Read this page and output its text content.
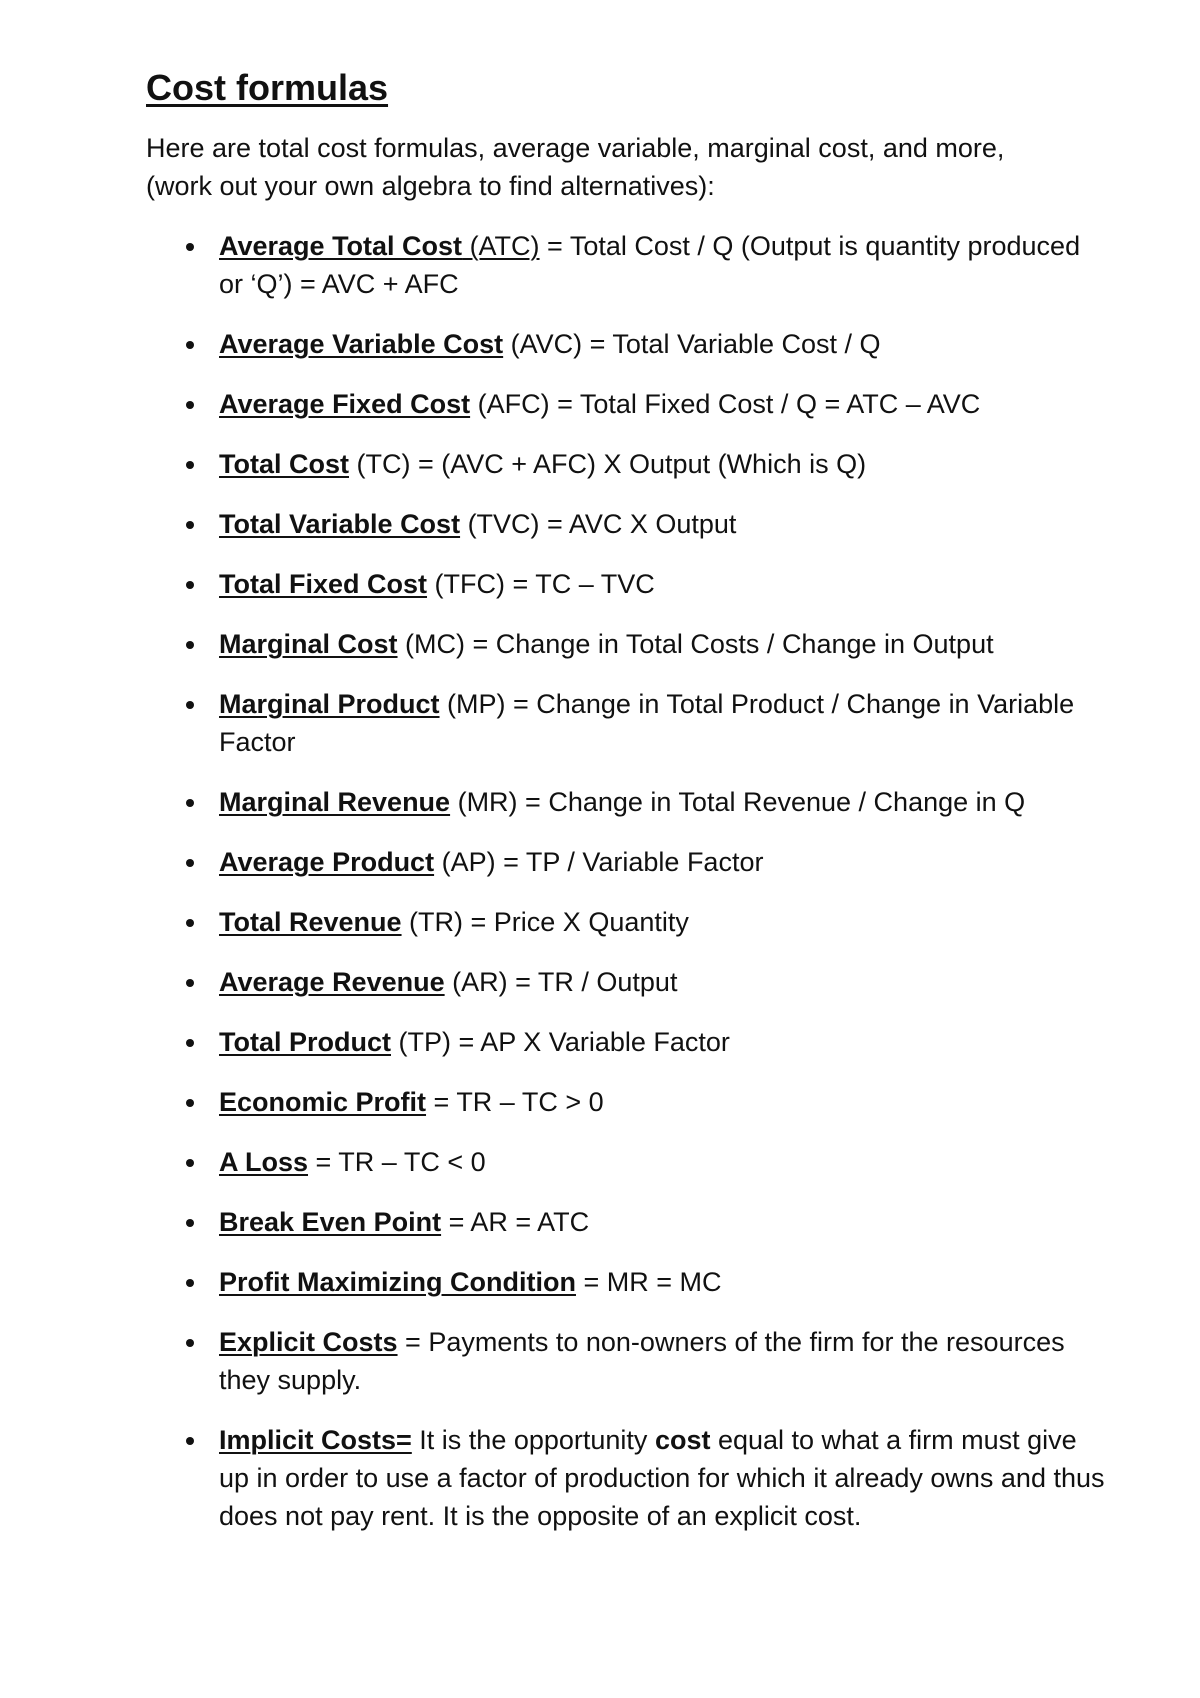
Cost formulas

Here are total cost formulas, average variable, marginal cost, and more,
(work out your own algebra to find alternatives):

Average Total Cost (ATC) = Total Cost / Q (Output is quantity produced or ‘Q’) = AVC + AFC
Average Variable Cost (AVC) = Total Variable Cost / Q
Average Fixed Cost (AFC) = Total Fixed Cost / Q = ATC – AVC
Total Cost (TC) = (AVC + AFC) X Output (Which is Q)
Total Variable Cost (TVC) = AVC X Output
Total Fixed Cost (TFC) = TC – TVC
Marginal Cost (MC) = Change in Total Costs / Change in Output
Marginal Product (MP) = Change in Total Product / Change in Variable Factor
Marginal Revenue (MR) = Change in Total Revenue / Change in Q
Average Product (AP) = TP / Variable Factor
Total Revenue (TR) = Price X Quantity
Average Revenue (AR) = TR / Output
Total Product (TP) = AP X Variable Factor
Economic Profit = TR – TC > 0
A Loss = TR – TC < 0
Break Even Point = AR = ATC
Profit Maximizing Condition = MR = MC
Explicit Costs = Payments to non-owners of the firm for the resources they supply.
Implicit Costs= It is the opportunity cost equal to what a firm must give up in order to use a factor of production for which it already owns and thus does not pay rent. It is the opposite of an explicit cost.
